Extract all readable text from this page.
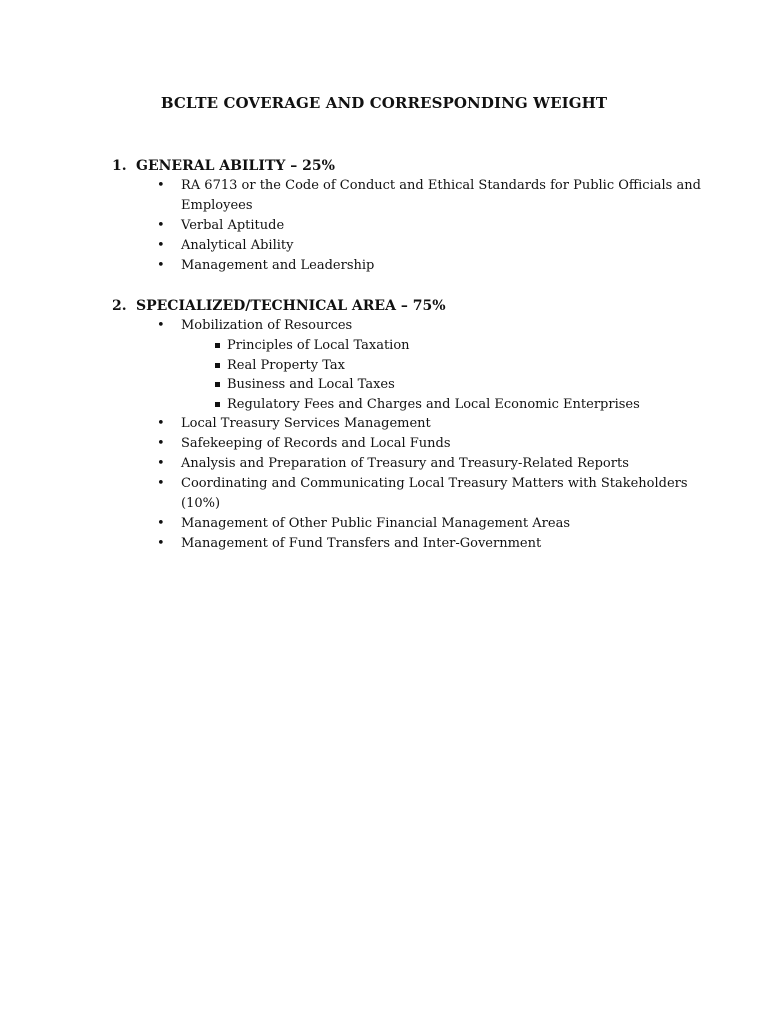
BCLTE COVERAGE AND CORRESPONDING WEIGHT

1. GENERAL ABILITY – 25%

• RA 6713 or the Code of Conduct and Ethical Standards for Public Officials and Employees
• Verbal Aptitude
• Analytical Ability
• Management and Leadership

2. SPECIALIZED/TECHNICAL AREA – 75%

• Mobilization of Resources
Principles of Local Taxation
Real Property Tax
Business and Local Taxes
Regulatory Fees and Charges and Local Economic Enterprises
• Local Treasury Services Management
• Safekeeping of Records and Local Funds
• Analysis and Preparation of Treasury and Treasury-Related Reports
• Coordinating and Communicating Local Treasury Matters with Stakeholders (10%)
• Management of Other Public Financial Management Areas
• Management of Fund Transfers and Inter-Government
